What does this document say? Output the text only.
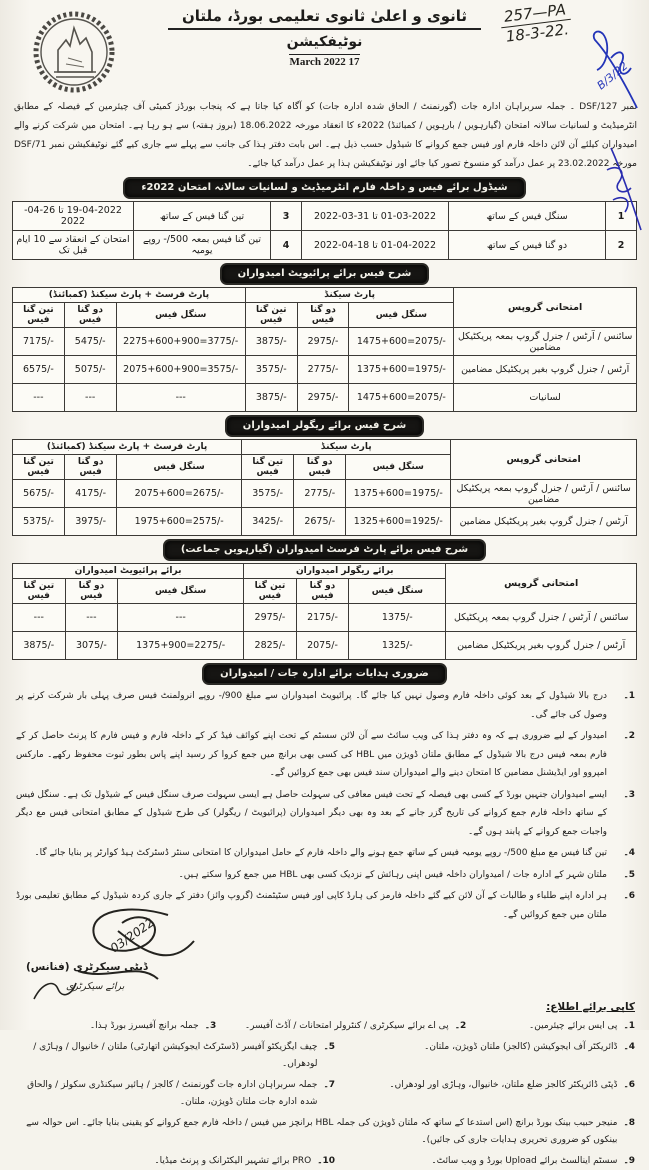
ثانوی و اعلیٰ ثانوی تعلیمی بورڈ، ملتان
نوٹیفکیشن
17 March 2022
257—PA
18-3-22.
B/3/22
نمبر DSF/127 ۔ جملہ سربراہان ادارہ جات (گورنمنٹ / الحاق شدہ ادارہ جات) کو آگاہ کیا جاتا ہے کہ پنجاب بورڈز کمیٹی آف چیئرمین کے فیصلہ کے مطابق انٹرمیڈیٹ و لسانیات سالانہ امتحان (گیارہویں / بارہویں / کمبائنڈ) 2022ء کا انعقاد مورخہ 18.06.2022 (بروز ہفتہ) سے ہو رہا ہے۔ امتحان میں شرکت کرنے والے امیدواران کیلئے آن لائن داخلہ فارم اور فیس جمع کروانے کا شیڈول حسب ذیل ہے۔ اس بابت دفتر ہذا کی جانب سے پہلے سے جاری کیے گئے نوٹیفکیشن نمبر DSF/71 مورخہ 23.02.2022 پر عمل درآمد کو منسوخ تصور کیا جائے اور نوٹیفکیشن ہذا پر عمل درآمد کیا جائے۔
شیڈول برائے فیس و داخلہ فارم انٹرمیڈیٹ و لسانیات سالانہ امتحان 2022ء
1	سنگل فیس کے ساتھ	01-03-2022 تا 31-03-2022	3	تین گنا فیس کے ساتھ	19-04-2022 تا 26-04-2022
2	دو گنا فیس کے ساتھ	01-04-2022 تا 18-04-2022	4	تین گنا فیس بمعہ 500/- روپے یومیہ	امتحان کے انعقاد سے 10 ایام قبل تک
شرح فیس برائے پرائیویٹ امیدواران
امتحانی گروپس	پارٹ سیکنڈ			پارٹ فرسٹ + پارٹ سیکنڈ (کمبائنڈ)		
	سنگل فیس	دو گنا فیس	تین گنا فیس	سنگل فیس	دو گنا فیس	تین گنا فیس
سائنس / آرٹس / جنرل گروپ بمعہ پریکٹیکل مضامین	1475+600=2075/-	2975/-	3875/-	2275+600+900=3775/-	5475/-	7175/-
آرٹس / جنرل گروپ بغیر پریکٹیکل مضامین	1375+600=1975/-	2775/-	3575/-	2075+600+900=3575/-	5075/-	6575/-
لسانیات	1475+600=2075/-	2975/-	3875/-	---	---	---
شرح فیس برائے ریگولر امیدواران
امتحانی گروپس	پارٹ سیکنڈ			پارٹ فرسٹ + پارٹ سیکنڈ (کمبائنڈ)		
	سنگل فیس	دو گنا فیس	تین گنا فیس	سنگل فیس	دو گنا فیس	تین گنا فیس
سائنس / آرٹس / جنرل گروپ بمعہ پریکٹیکل مضامین	1375+600=1975/-	2775/-	3575/-	2075+600=2675/-	4175/-	5675/-
آرٹس / جنرل گروپ بغیر پریکٹیکل مضامین	1325+600=1925/-	2675/-	3425/-	1975+600=2575/-	3975/-	5375/-
شرح فیس برائے پارٹ فرسٹ امیدواران (گیارہویں جماعت)
امتحانی گروپس	برائے ریگولر امیدواران			برائے پرائیویٹ امیدواران		
	سنگل فیس	دو گنا فیس	تین گنا فیس	سنگل فیس	دو گنا فیس	تین گنا فیس
سائنس / آرٹس / جنرل گروپ بمعہ پریکٹیکل	1375/-	2175/-	2975/-	---	---	---
آرٹس / جنرل گروپ بغیر پریکٹیکل مضامین	1325/-	2075/-	2825/-	1375+900=2275/-	3075/-	3875/-
ضروری ہدایات برائے ادارہ جات / امیدواران
1۔
درج بالا شیڈول کے بعد کوئی داخلہ فارم وصول نہیں کیا جائے گا۔ پرائیویٹ امیدواران سے مبلغ 900/- روپے انرولمنٹ فیس صرف پہلی بار شرکت کرنے پر وصول کی جائے گی۔
2۔
امیدوار کے لیے ضروری ہے کہ وہ دفتر ہذا کی ویب سائٹ سے آن لائن سسٹم کے تحت اپنے کوائف فیڈ کر کے داخلہ فارم و فیس فارم کا پرنٹ حاصل کر کے فارم بمعہ فیس درج بالا شیڈول کے مطابق ملتان ڈویژن میں HBL کی کسی بھی برانچ میں جمع کروا کر رسید اپنے پاس بطور ثبوت محفوظ رکھے۔ مارکس امپروو اور ایڈیشنل مضامین کا امتحان دینے والے امیدواران سند فیس بھی جمع کروائیں گے۔
3۔
ایسے امیدواران جنہیں بورڈ کے کسی بھی فیصلہ کے تحت فیس معافی کی سہولت حاصل ہے ایسی سہولت صرف سنگل فیس کے شیڈول تک ہے۔ سنگل فیس کے ساتھ داخلہ فارم جمع کروانے کی تاریخ گزر جانے کے بعد وہ بھی دیگر امیدواران (پرائیویٹ / ریگولر) کی طرح شیڈول کے مطابق امتحانی فیس مع دیگر واجبات جمع کروانے کے پابند ہوں گے۔
4۔
تین گنا فیس مع مبلغ 500/- روپے یومیہ فیس کے ساتھ جمع ہونے والے داخلہ فارم کے حامل امیدواران کا امتحانی سنٹر ڈسٹرکٹ ہیڈ کوارٹر پر بنایا جائے گا۔
5۔
ملتان شہر کے ادارہ جات / امیدواران داخلہ فیس اپنی رہائش کے نزدیک کسی بھی HBL میں جمع کروا سکتے ہیں۔
6۔
ہر ادارہ اپنے طلباء و طالبات کے آن لائن کیے گئے داخلہ فارمز کی ہارڈ کاپی اور فیس سٹیٹمنٹ (گروپ وائز) دفتر کے جاری کردہ شیڈول کے مطابق تعلیمی بورڈ ملتان میں جمع کروائیں گے۔
03/2022
ڈپٹی سیکرٹری (فنانس)
برائے سیکرٹری
کاپی برائے اطلاع:
1۔
پی ایس برائے چیئرمین۔
2۔
پی اے برائے سیکرٹری / کنٹرولر امتحانات / آڈٹ آفیسر۔
3۔
جملہ برانچ آفیسرز بورڈ ہذا۔
4۔
ڈائریکٹر آف ایجوکیشن (کالجز) ملتان ڈویژن، ملتان۔
5۔
چیف ایگزیکٹو آفیسر (ڈسٹرکٹ ایجوکیشن اتھارٹی) ملتان / خانیوال / وہاڑی / لودھراں۔
6۔
ڈپٹی ڈائریکٹر کالجز ضلع ملتان، خانیوال، وہاڑی اور لودھراں۔
7۔
جملہ سربراہان ادارہ جات گورنمنٹ / کالجز / ہائیر سیکنڈری سکولز / والحاق شدہ ادارہ جات ملتان ڈویژن، ملتان۔
8۔
منیجر حبیب بینک بورڈ برانچ (اس استدعا کے ساتھ کہ ملتان ڈویژن کی جملہ HBL برانچز میں فیس / داخلہ فارم جمع کروانے کو یقینی بنایا جائے۔ اس حوالہ سے بینکوں کو ضروری تحریری ہدایات جاری کی جائیں)۔
9۔
سسٹم اینالسٹ برائے Upload بورڈ و ویب سائٹ۔
10۔
PRO برائے تشہیر الیکٹرانک و پرنٹ میڈیا۔
